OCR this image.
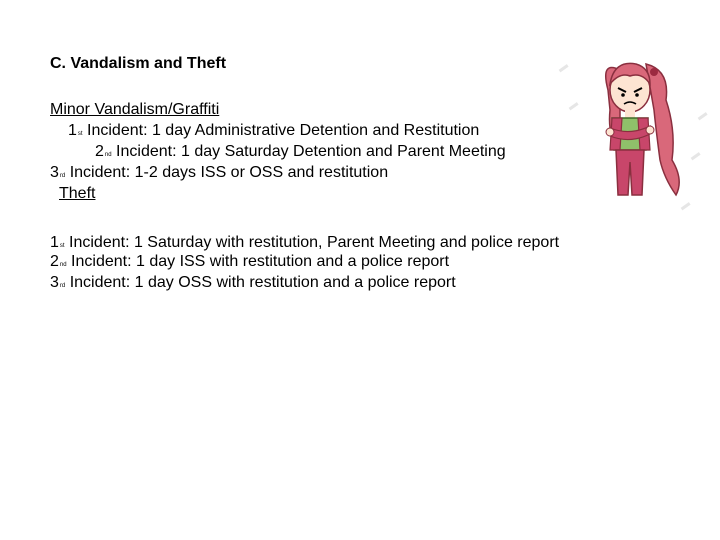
C. Vandalism and Theft
Minor Vandalism/Graffiti
1st Incident: 1 day Administrative Detention and Restitution
2nd Incident: 1 day Saturday Detention and Parent Meeting
3rd Incident: 1-2 days ISS or OSS and restitution
Theft
1st Incident: 1 Saturday with restitution, Parent Meeting and police report
2nd Incident: 1 day ISS with restitution and a police report
3rd Incident: 1 day OSS with restitution and a police report
▬
▬
▬
▬
▬
